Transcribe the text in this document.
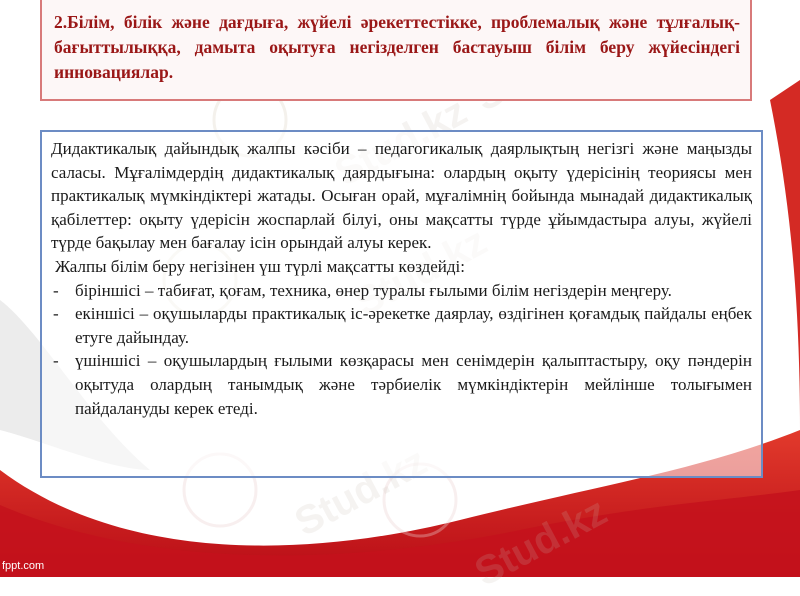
Stud.kz
2.Білім, білік және дағдыға, жүйелі әрекеттестікке, проблемалық және тұлғалық-бағыттылыққа, дамыта оқытуға негізделген бастауыш білім беру жүйесіндегі инновациялар.

Дидактикалық дайындық жалпы кәсіби – педагогикалық даярлықтың негізгі және маңызды саласы. Мұғалімдердің дидактикалық даярдығына: олардың оқыту үдерісінің теориясы мен практикалық мүмкіндіктері жатады. Осыған орай, мұғалімнің бойында мынадай дидактикалық қабілеттер: оқыту үдерісін жоспарлай білуі, оны мақсатты түрде ұйымдастыра алуы, жүйелі түрде бақылау мен бағалау ісін орындай алуы керек.

Жалпы білім беру негізінен үш түрлі мақсатты көздейді:

- біріншісі – табиғат, қоғам, техника, өнер туралы ғылыми білім негіздерін меңгеру.
- екіншісі – оқушыларды практикалық іс-әрекетке даярлау, өздігінен қоғамдық пайдалы еңбек етуге дайындау.
- үшіншісі – оқушылардың ғылыми көзқарасы мен сенімдерін қалыптастыру, оқу пәндерін оқытуда олардың танымдық және тәрбиелік мүмкіндіктерін мейлінше толығымен пайдалануды керек етеді.
fppt.com
